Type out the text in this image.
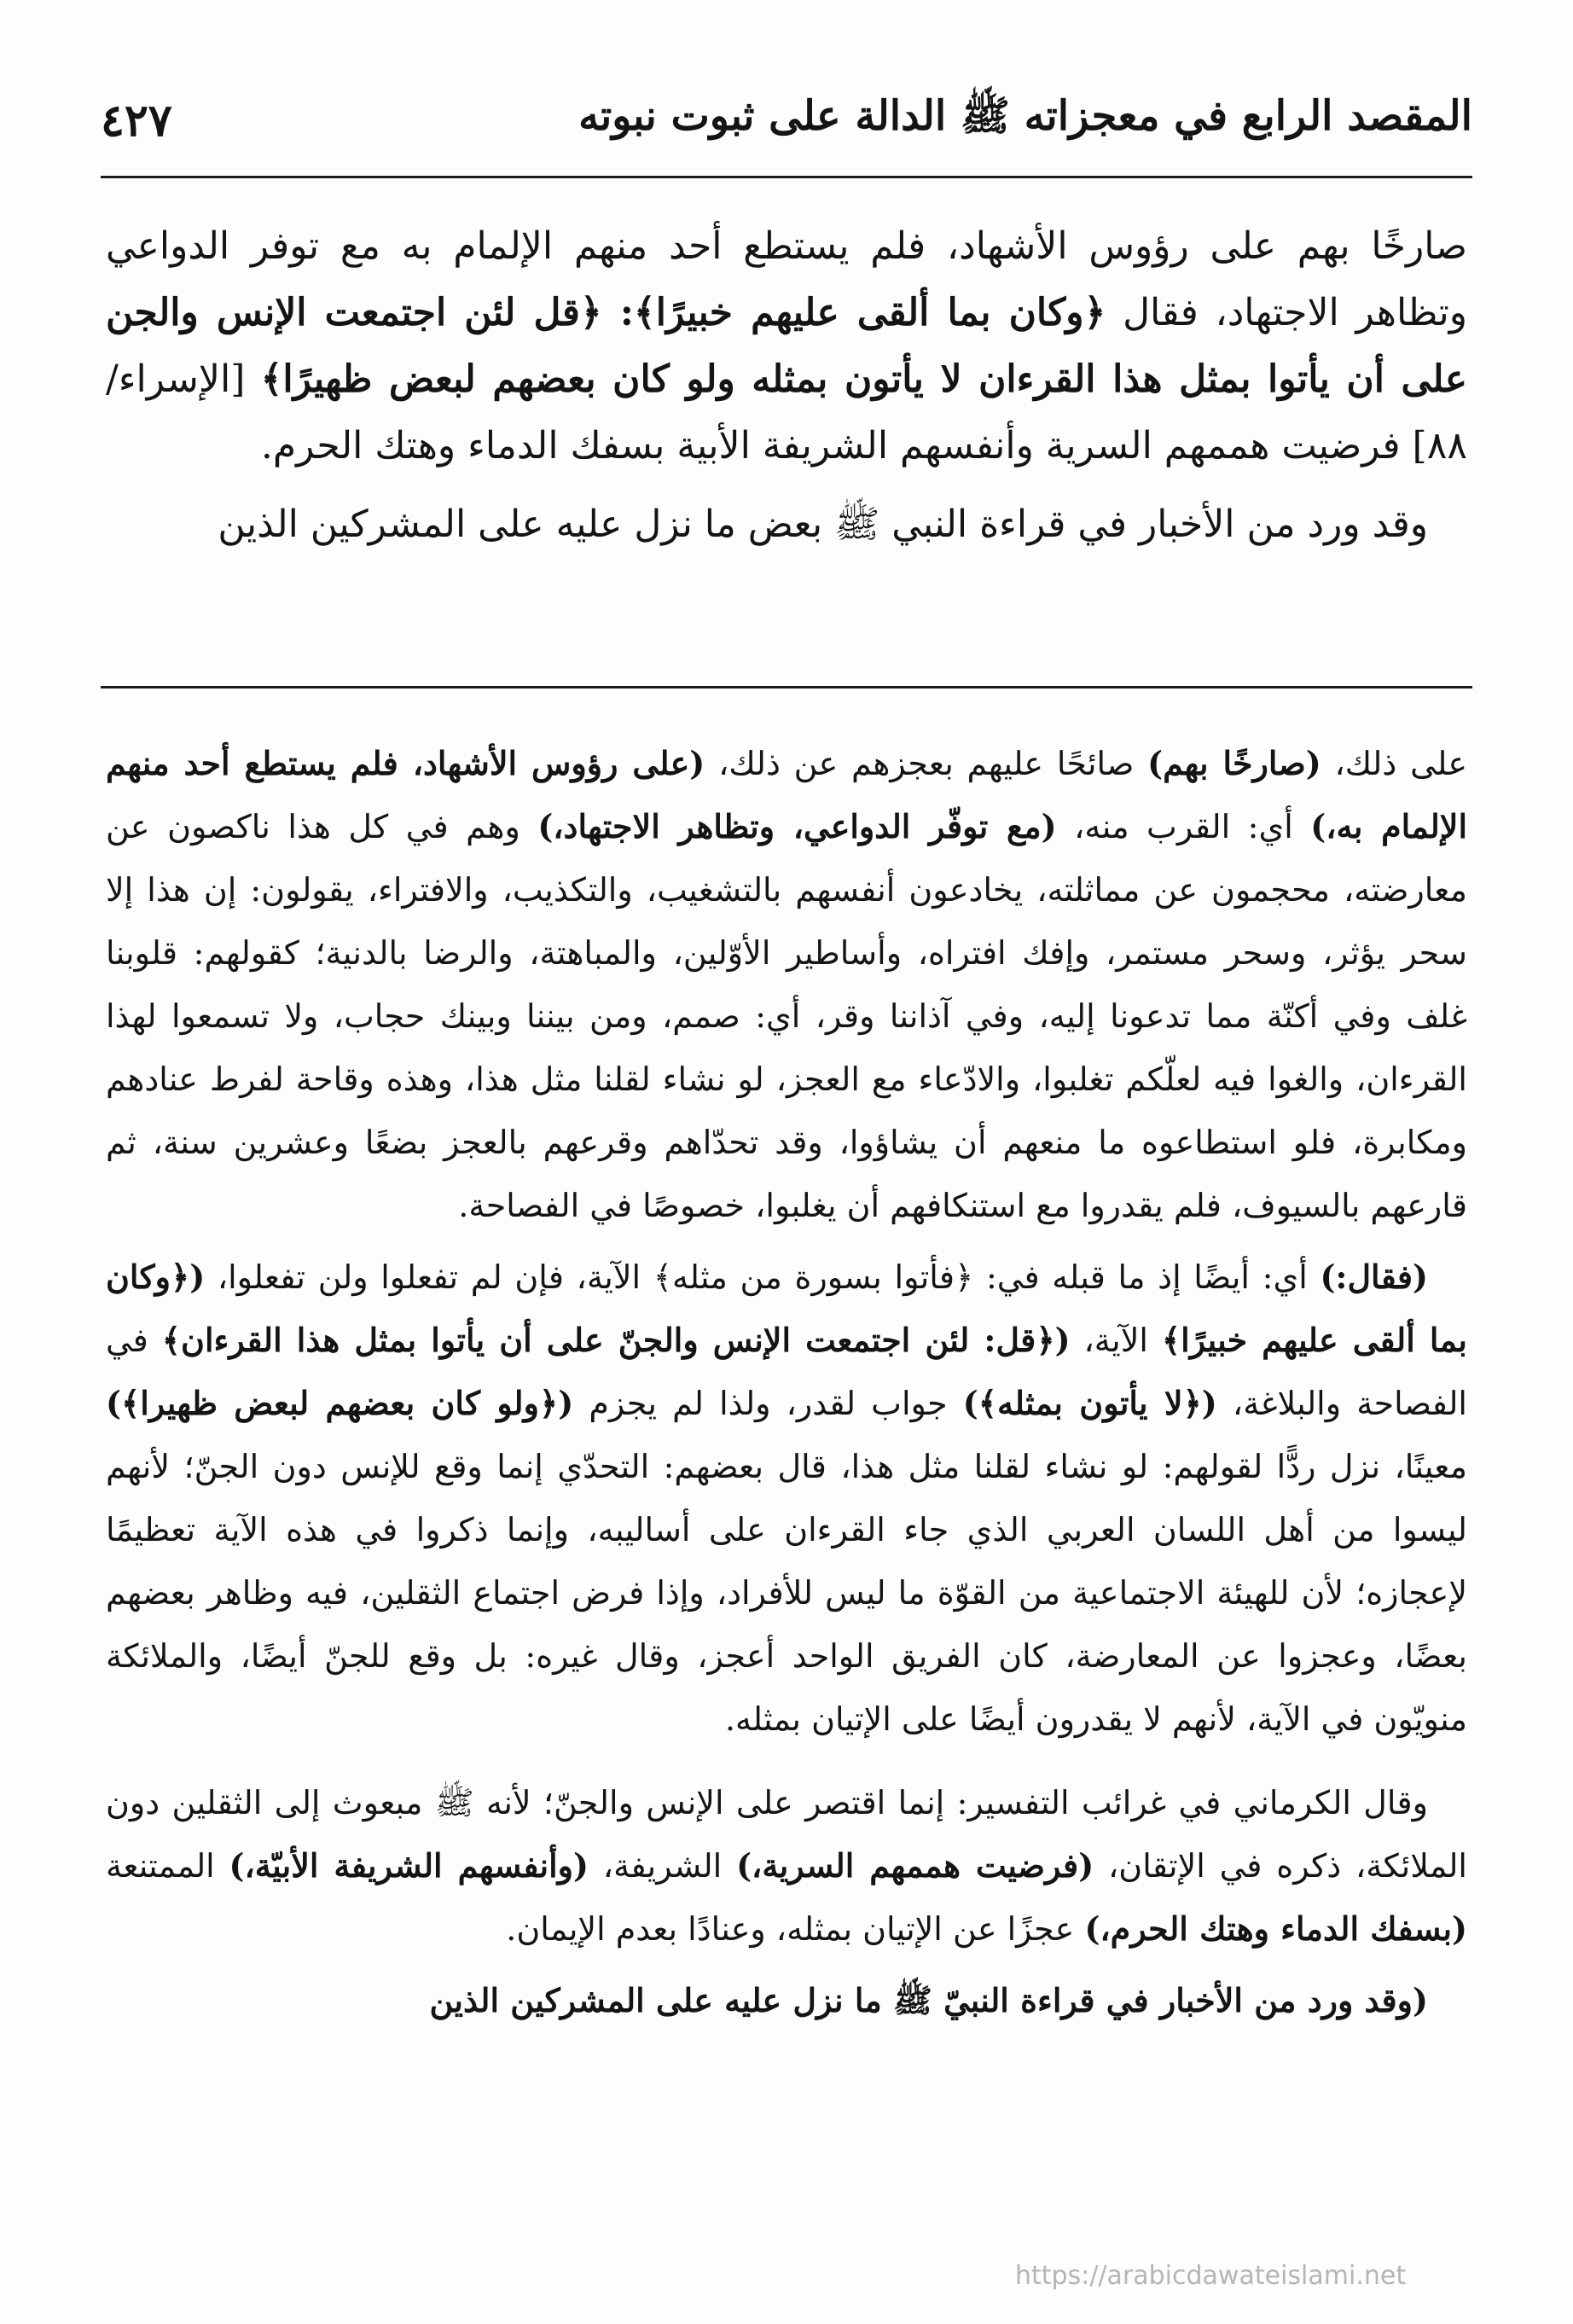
المقصد الرابع في معجزاته ﷺ الدالة على ثبوت نبوته
٤٢٧

صارخًا بهم على رؤوس الأشهاد، فلم يستطع أحد منهم الإلمام به مع توفر الدواعي وتظاهر الاجتهاد، فقال ﴿وكان بما ألقى عليهم خبيرًا﴾: ﴿قل لئن اجتمعت الإنس والجن على أن يأتوا بمثل هذا القرءان لا يأتون بمثله ولو كان بعضهم لبعض ظهيرًا﴾ [الإسراء/ ٨٨] فرضيت هممهم السرية وأنفسهم الشريفة الأبية بسفك الدماء وهتك الحرم.

وقد ورد من الأخبار في قراءة النبي ﷺ بعض ما نزل عليه على المشركين الذين

على ذلك، (صارخًا بهم) صائحًا عليهم بعجزهم عن ذلك، (على رؤوس الأشهاد، فلم يستطع أحد منهم الإلمام به،) أي: القرب منه، (مع توفّر الدواعي، وتظاهر الاجتهاد،) وهم في كل هذا ناكصون عن معارضته، محجمون عن مماثلته، يخادعون أنفسهم بالتشغيب، والتكذيب، والافتراء، يقولون: إن هذا إلا سحر يؤثر، وسحر مستمر، وإفك افتراه، وأساطير الأوّلين، والمباهتة، والرضا بالدنية؛ كقولهم: قلوبنا غلف وفي أكنّة مما تدعونا إليه، وفي آذاننا وقر، أي: صمم، ومن بيننا وبينك حجاب، ولا تسمعوا لهذا القرءان، والغوا فيه لعلّكم تغلبوا، والادّعاء مع العجز، لو نشاء لقلنا مثل هذا، وهذه وقاحة لفرط عنادهم ومكابرة، فلو استطاعوه ما منعهم أن يشاؤوا، وقد تحدّاهم وقرعهم بالعجز بضعًا وعشرين سنة، ثم قارعهم بالسيوف، فلم يقدروا مع استنكافهم أن يغلبوا، خصوصًا في الفصاحة.

(فقال:) أي: أيضًا إذ ما قبله في: ﴿فأتوا بسورة من مثله﴾ الآية، فإن لم تفعلوا ولن تفعلوا، (﴿وكان بما ألقى عليهم خبيرًا﴾ الآية، (﴿قل: لئن اجتمعت الإنس والجنّ على أن يأتوا بمثل هذا القرءان﴾ في الفصاحة والبلاغة، (﴿لا يأتون بمثله﴾) جواب لقدر، ولذا لم يجزم (﴿ولو كان بعضهم لبعض ظهيرا﴾) معينًا، نزل ردًّا لقولهم: لو نشاء لقلنا مثل هذا، قال بعضهم: التحدّي إنما وقع للإنس دون الجنّ؛ لأنهم ليسوا من أهل اللسان العربي الذي جاء القرءان على أساليبه، وإنما ذكروا في هذه الآية تعظيمًا لإعجازه؛ لأن للهيئة الاجتماعية من القوّة ما ليس للأفراد، وإذا فرض اجتماع الثقلين، فيه وظاهر بعضهم بعضًا، وعجزوا عن المعارضة، كان الفريق الواحد أعجز، وقال غيره: بل وقع للجنّ أيضًا، والملائكة منويّون في الآية، لأنهم لا يقدرون أيضًا على الإتيان بمثله.

وقال الكرماني في غرائب التفسير: إنما اقتصر على الإنس والجنّ؛ لأنه ﷺ مبعوث إلى الثقلين دون الملائكة، ذكره في الإتقان، (فرضيت هممهم السرية،) الشريفة، (وأنفسهم الشريفة الأبيّة،) الممتنعة (بسفك الدماء وهتك الحرم،) عجزًا عن الإتيان بمثله، وعنادًا بعدم الإيمان.

(وقد ورد من الأخبار في قراءة النبيّ ﷺ ما نزل عليه على المشركين الذين

https://arabicdawateislami.net
